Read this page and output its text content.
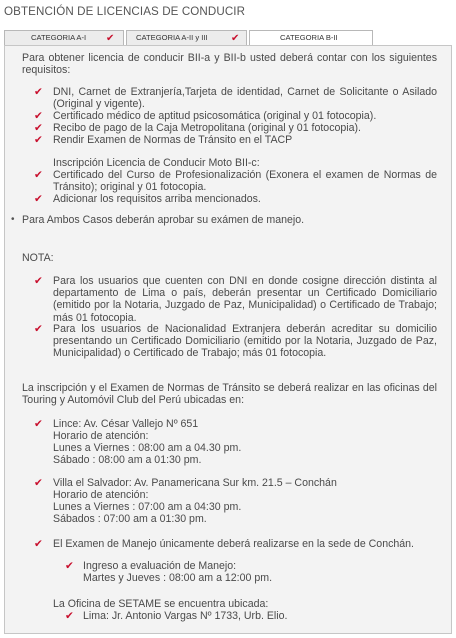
OBTENCIÓN DE LICENCIAS DE CONDUCIR
CATEGORIA A-I ✔	CATEGORIA A-II y III ✔	CATEGORIA B-II
Para obtener licencia de conducir BII-a y BII-b usted deberá contar con los siguientes requisitos:
✔ DNI, Carnet de Extranjería,Tarjeta de identidad, Carnet de Solicitante o Asilado (Original y vigente).
✔ Certificado médico de aptitud psicosomática (original y 01 fotocopia).
✔ Recibo de pago de la Caja Metropolitana (original y 01 fotocopia).
✔ Rendir Examen de Normas de Tránsito en el TACP
Inscripción Licencia de Conducir Moto BII-c:
✔ Certificado del Curso de Profesionalización (Exonera el examen de Normas de Tránsito); original y 01 fotocopia.
✔ Adicionar los requisitos arriba mencionados.
• Para Ambos Casos deberán aprobar su exámen de manejo.
NOTA:
✔ Para los usuarios que cuenten con DNI en donde cosigne dirección distinta al departamento de Lima o país, deberán presentar un Certificado Domiciliario (emitido por la Notaria, Juzgado de Paz, Municipalidad) o Certificado de Trabajo; más 01 fotocopia.
✔ Para los usuarios de Nacionalidad Extranjera deberán acreditar su domicilio presentando un Certificado Domiciliario (emitido por la Notaria, Juzgado de Paz, Municipalidad) o Certificado de Trabajo; más 01 fotocopia.
La inscripción y el Examen de Normas de Tránsito se deberá realizar en las oficinas del Touring y Automóvil Club del Perú ubicadas en:
✔ Lince: Av. César Vallejo Nº 651
Horario de atención:
Lunes a Viernes : 08:00 am a 04.30 pm.
Sábado : 08:00 am a 01:30 pm.
✔ Villa el Salvador: Av. Panamericana Sur km. 21.5 – Conchán
Horario de atención:
Lunes a Viernes : 07:00 am a 04:30 pm.
Sábados : 07:00 am a 01:30 pm.
✔ El Examen de Manejo únicamente deberá realizarse en la sede de Conchán.
✔ Ingreso a evaluación de Manejo:
Martes y Jueves : 08:00 am a 12:00 pm.
La Oficina de SETAME se encuentra ubicada:
✔ Lima: Jr. Antonio Vargas Nº 1733, Urb. Elio.
